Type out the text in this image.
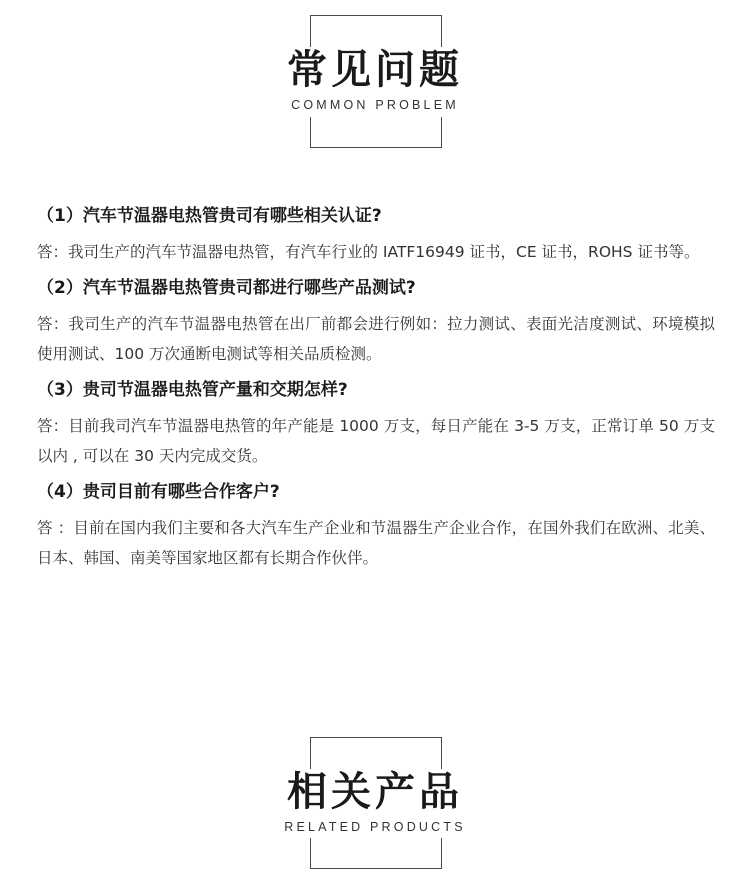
常见问题
COMMON PROBLEM

（1）汽车节温器电热管贵司有哪些相关认证?

答：我司生产的汽车节温器电热管，有汽车行业的 IATF16949 证书，CE 证书，ROHS 证书等。

（2）汽车节温器电热管贵司都进行哪些产品测试?

答：我司生产的汽车节温器电热管在出厂前都会进行例如：拉力测试、表面光洁度测试、环境模拟使用测试、100 万次通断电测试等相关品质检测。

（3）贵司节温器电热管产量和交期怎样?

答：目前我司汽车节温器电热管的年产能是 1000 万支，每日产能在 3-5 万支，正常订单 50 万支以内 , 可以在 30 天内完成交货。

（4）贵司目前有哪些合作客户?

答 ：目前在国内我们主要和各大汽车生产企业和节温器生产企业合作，在国外我们在欧洲、北美、日本、韩国、南美等国家地区都有长期合作伙伴。

相关产品
RELATED PRODUCTS
